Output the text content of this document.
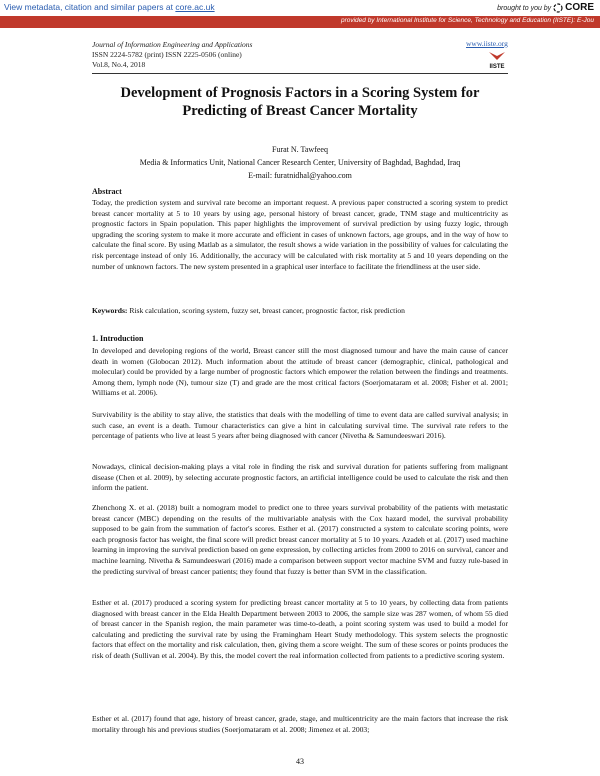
View metadata, citation and similar papers at core.ac.uk	brought to you by CORE
provided by International Institute for Science, Technology and Education (IISTE): E-Jou
Journal of Information Engineering and Applications
ISSN 2224-5782 (print) ISSN 2225-0506 (online)
Vol.8, No.4, 2018
www.iiste.org
IISTE
Development of Prognosis Factors in a Scoring System for
Predicting of Breast Cancer Mortality
Furat N. Tawfeeq
Media & Informatics Unit, National Cancer Research Center, University of Baghdad, Baghdad, Iraq
E-mail: furatnidhal@yahoo.com
Abstract
Today, the prediction system and survival rate become an important request. A previous paper constructed a scoring system to predict breast cancer mortality at 5 to 10 years by using age, personal history of breast cancer, grade, TNM stage and multicentricity as prognostic factors in Spain population. This paper highlights the improvement of survival prediction by using fuzzy logic, through upgrading the scoring system to make it more accurate and efficient in cases of unknown factors, age groups, and in the way of how to calculate the final score. By using Matlab as a simulator, the result shows a wide variation in the possibility of values for calculating the risk percentage instead of only 16. Additionally, the accuracy will be calculated with risk mortality at 5 and 10 years depending on the number of unknown factors. The new system presented in a graphical user interface to facilitate the friendliness at the user side.
Keywords: Risk calculation, scoring system, fuzzy set, breast cancer, prognostic factor, risk prediction
1. Introduction
In developed and developing regions of the world, Breast cancer still the most diagnosed tumour and have the main cause of cancer death in women (Globocan 2012). Much information about the attitude of breast cancer (demographic, clinical, pathological and molecular) could be provided by a large number of prognostic factors which empower the relation between the findings and treatments. Among them, lymph node (N), tumour size (T) and grade are the most critical factors (Soerjomataram et al. 2008; Fisher et al. 2001; Williams et al. 2006).
Survivability is the ability to stay alive, the statistics that deals with the modelling of time to event data are called survival analysis; in such case, an event is a death. Tumour characteristics can give a hint in calculating survival time. The survival rate refers to the percentage of patients who live at least 5 years after being diagnosed with cancer (Nivetha & Samundeeswari 2016).
Nowadays, clinical decision-making plays a vital role in finding the risk and survival duration for patients suffering from malignant disease (Chen et al. 2009), by selecting accurate prognostic factors, an artificial intelligence could be used to calculate the risk and then inform the patient.
Zhenchong X. et al. (2018) built a nomogram model to predict one to three years survival probability of the patients with metastatic breast cancer (MBC) depending on the results of the multivariable analysis with the Cox hazard model, the survival probability supposed to be gain from the summation of factor's scores. Esther et al. (2017) constructed a system to calculate scoring points, were each prognosis factor has weight, the final score will predict breast cancer mortality at 5 to 10 years. Azadeh et al. (2017) used machine learning in improving the survival prediction based on gene expression, by collecting articles from 2000 to 2016 on survival, cancer and machine learning. Nivetha & Samundeeswari (2016) made a comparison between support vector machine SVM and fuzzy rule-based in the predicting survival of breast cancer patients; they found that fuzzy is better than SVM in the classification.
Esther et al. (2017) produced a scoring system for predicting breast cancer mortality at 5 to 10 years, by collecting data from patients diagnosed with breast cancer in the Elda Health Department between 2003 to 2006, the sample size was 287 women, of whom 55 died of breast cancer in the Spanish region, the main parameter was time-to-death, a point scoring system was used to build a model for calculating and predicting the survival rate by using the Framingham Heart Study methodology. This system selects the prognostic factors that effect on the mortality and risk calculation, then, giving them a score weight. The sum of these scores or points produces the risk of death (Sullivan et al. 2004). By this, the model covert the real information collected from patients to a predictive scoring system.
Esther et al. (2017) found that age, history of breast cancer, grade, stage, and multicentricity are the main factors that increase the risk mortality through his and previous studies (Soerjomataram et al. 2008; Jimenez et al. 2003;
43
